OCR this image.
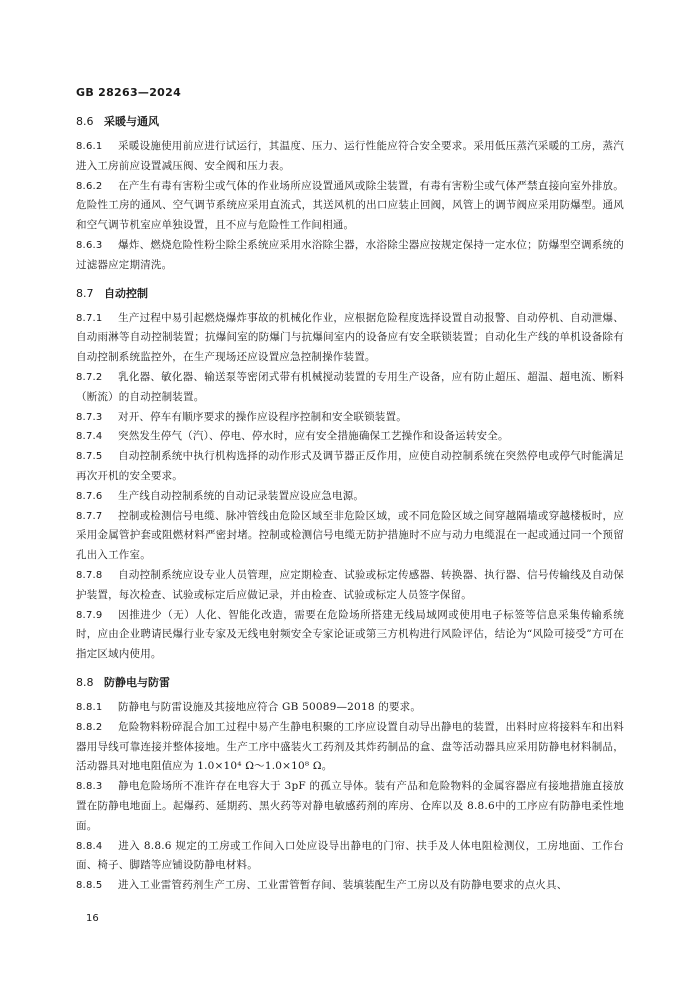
GB 28263—2024
8.6 采暖与通风

8.6.1 采暖设施使用前应进行试运行，其温度、压力、运行性能应符合安全要求。采用低压蒸汽采暖的工房，蒸汽进入工房前应设置减压阀、安全阀和压力表。

8.6.2 在产生有毒有害粉尘或气体的作业场所应设置通风或除尘装置，有毒有害粉尘或气体严禁直接向室外排放。危险性工房的通风、空气调节系统应采用直流式，其送风机的出口应装止回阀，风管上的调节阀应采用防爆型。通风和空气调节机室应单独设置，且不应与危险性工作间相通。

8.6.3 爆炸、燃烧危险性粉尘除尘系统应采用水浴除尘器，水浴除尘器应按规定保持一定水位；防爆型空调系统的过滤器应定期清洗。

8.7 自动控制

8.7.1 生产过程中易引起燃烧爆炸事故的机械化作业，应根据危险程度选择设置自动报警、自动停机、自动泄爆、自动雨淋等自动控制装置；抗爆间室的防爆门与抗爆间室内的设备应有安全联锁装置；自动化生产线的单机设备除有自动控制系统监控外，在生产现场还应设置应急控制操作装置。

8.7.2 乳化器、敏化器、输送泵等密闭式带有机械搅动装置的专用生产设备，应有防止超压、超温、超电流、断料（断流）的自动控制装置。

8.7.3 对开、停车有顺序要求的操作应设程序控制和安全联锁装置。

8.7.4 突然发生停气（汽）、停电、停水时，应有安全措施确保工艺操作和设备运转安全。

8.7.5 自动控制系统中执行机构选择的动作形式及调节器正反作用，应使自动控制系统在突然停电或停气时能满足再次开机的安全要求。

8.7.6 生产线自动控制系统的自动记录装置应设应急电源。

8.7.7 控制或检测信号电缆、脉冲管线由危险区域至非危险区域，或不同危险区域之间穿越隔墙或穿越楼板时，应采用金属管护套或阻燃材料严密封堵。控制或检测信号电缆无防护措施时不应与动力电缆混在一起或通过同一个预留孔出入工作室。

8.7.8 自动控制系统应设专业人员管理，应定期检查、试验或标定传感器、转换器、执行器、信号传输线及自动保护装置，每次检查、试验或标定后应做记录，并由检查、试验或标定人员签字保留。

8.7.9 因推进少（无）人化、智能化改造，需要在危险场所搭建无线局域网或使用电子标签等信息采集传输系统时，应由企业聘请民爆行业专家及无线电射频安全专家论证或第三方机构进行风险评估，结论为“风险可接受”方可在指定区域内使用。

8.8 防静电与防雷

8.8.1 防静电与防雷设施及其接地应符合 GB 50089—2018 的要求。

8.8.2 危险物料粉碎混合加工过程中易产生静电积聚的工序应设置自动导出静电的装置，出料时应将接料车和出料器用导线可靠连接并整体接地。生产工序中盛装火工药剂及其炸药制品的盒、盘等活动器具应采用防静电材料制品，活动器具对地电阻值应为 1.0×10⁴ Ω～1.0×10⁸ Ω。

8.8.3 静电危险场所不准许存在电容大于 3pF 的孤立导体。装有产品和危险物料的金属容器应有接地措施直接放置在防静电地面上。起爆药、延期药、黑火药等对静电敏感药剂的库房、仓库以及 8.8.6中的工序应有防静电柔性地面。

8.8.4 进入 8.8.6 规定的工房或工作间入口处应设导出静电的门帘、扶手及人体电阻检测仪，工房地面、工作台面、椅子、脚踏等应铺设防静电材料。

8.8.5 进入工业雷管药剂生产工房、工业雷管暂存间、装填装配生产工房以及有防静电要求的点火具、

16
